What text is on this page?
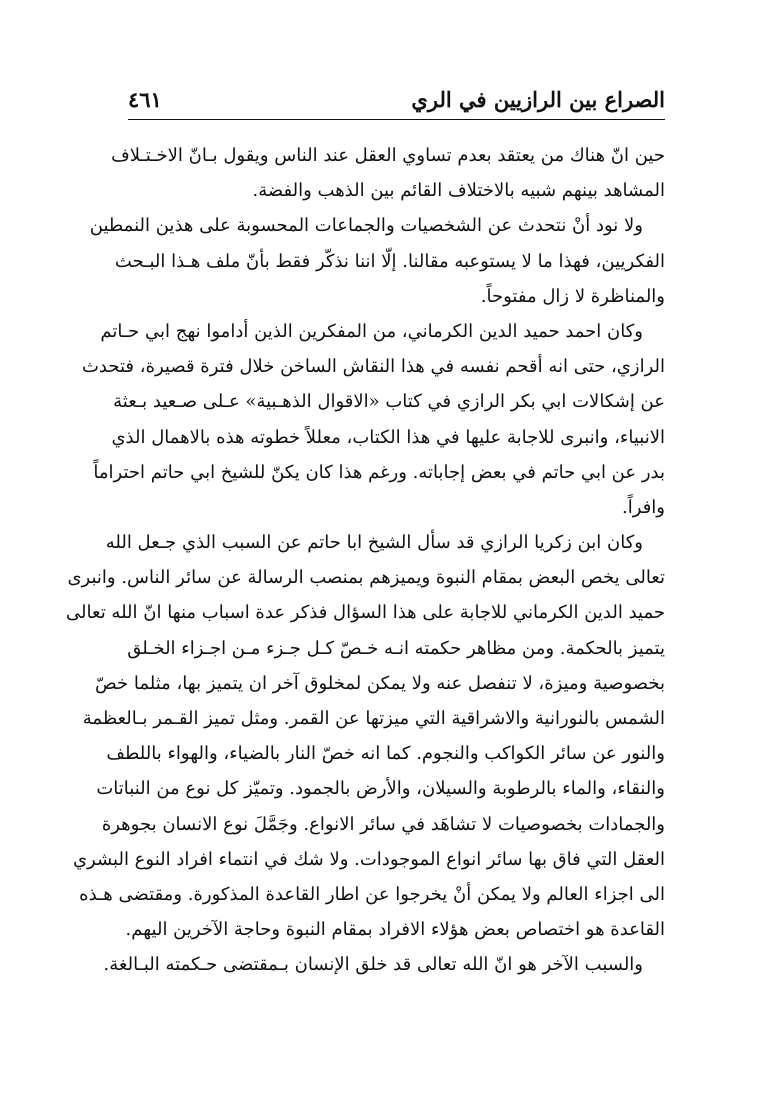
الصراع بين الرازيين في الري
٤٦١
حين انّ هناك من يعتقد بعدم تساوي العقل عند الناس ويقول بـانّ الاخـتـلاف
المشاهد بينهم شبيه بالاختلاف القائم بين الذهب والفضة.
ولا نود أنْ نتحدث عن الشخصيات والجماعات المحسوبة على هذين النمطين
الفكريين، فهذا ما لا يستوعبه مقالنا. إلّا اننا نذكّر فقط بأنّ ملف هـذا البـحث
والمناظرة لا زال مفتوحاً.
وكان احمد حميد الدين الكرماني، من المفكرين الذين أداموا نهج ابي حـاتم
الرازي، حتى انه أقحم نفسه في هذا النقاش الساخن خلال فترة قصيرة، فتحدث
عن إشكالات ابي بكر الرازي في كتاب «الاقوال الذهـبية» عـلى صـعيد بـعثة
الانبياء، وانبرى للاجابة عليها في هذا الكتاب، معللاً خطوته هذه بالاهمال الذي
بدر عن ابي حاتم في بعض إجاباته. ورغم هذا كان يكنّ للشيخ ابي حاتم احتراماً
وافراً.
وكان ابن زكريا الرازي قد سأل الشيخ ابا حاتم عن السبب الذي جـعل الله
تعالى يخص البعض بمقام النبوة ويميزهم بمنصب الرسالة عن سائر الناس. وانبرى
حميد الدين الكرماني للاجابة على هذا السؤال فذكر عدة اسباب منها انّ الله تعالى
يتميز بالحكمة. ومن مظاهر حكمته انـه خـصّ كـل جـزء مـن اجـزاء الخـلق
بخصوصية وميزة، لا تنفصل عنه ولا يمكن لمخلوق آخر ان يتميز بها، مثلما خصّ
الشمس بالنورانية والاشراقية التي ميزتها عن القمر. ومثل تميز القـمر بـالعظمة
والنور عن سائر الكواكب والنجوم. كما انه خصّ النار بالضياء، والهواء باللطف
والنقاء، والماء بالرطوبة والسيلان، والأرض بالجمود. وتميّز كل نوع من النباتات
والجمادات بخصوصيات لا تشاهَد في سائر الانواع. وجَمَّلَ نوع الانسان بجوهرة
العقل التي فاق بها سائر انواع الموجودات. ولا شك في انتماء افراد النوع البشري
الى اجزاء العالم ولا يمكن أنْ يخرجوا عن اطار القاعدة المذكورة. ومقتضى هـذه
القاعدة هو اختصاص بعض هؤلاء الافراد بمقام النبوة وحاجة الآخرين اليهم.
والسبب الآخر هو انّ الله تعالى قد خلق الإنسان بـمقتضى حـكمته البـالغة.
